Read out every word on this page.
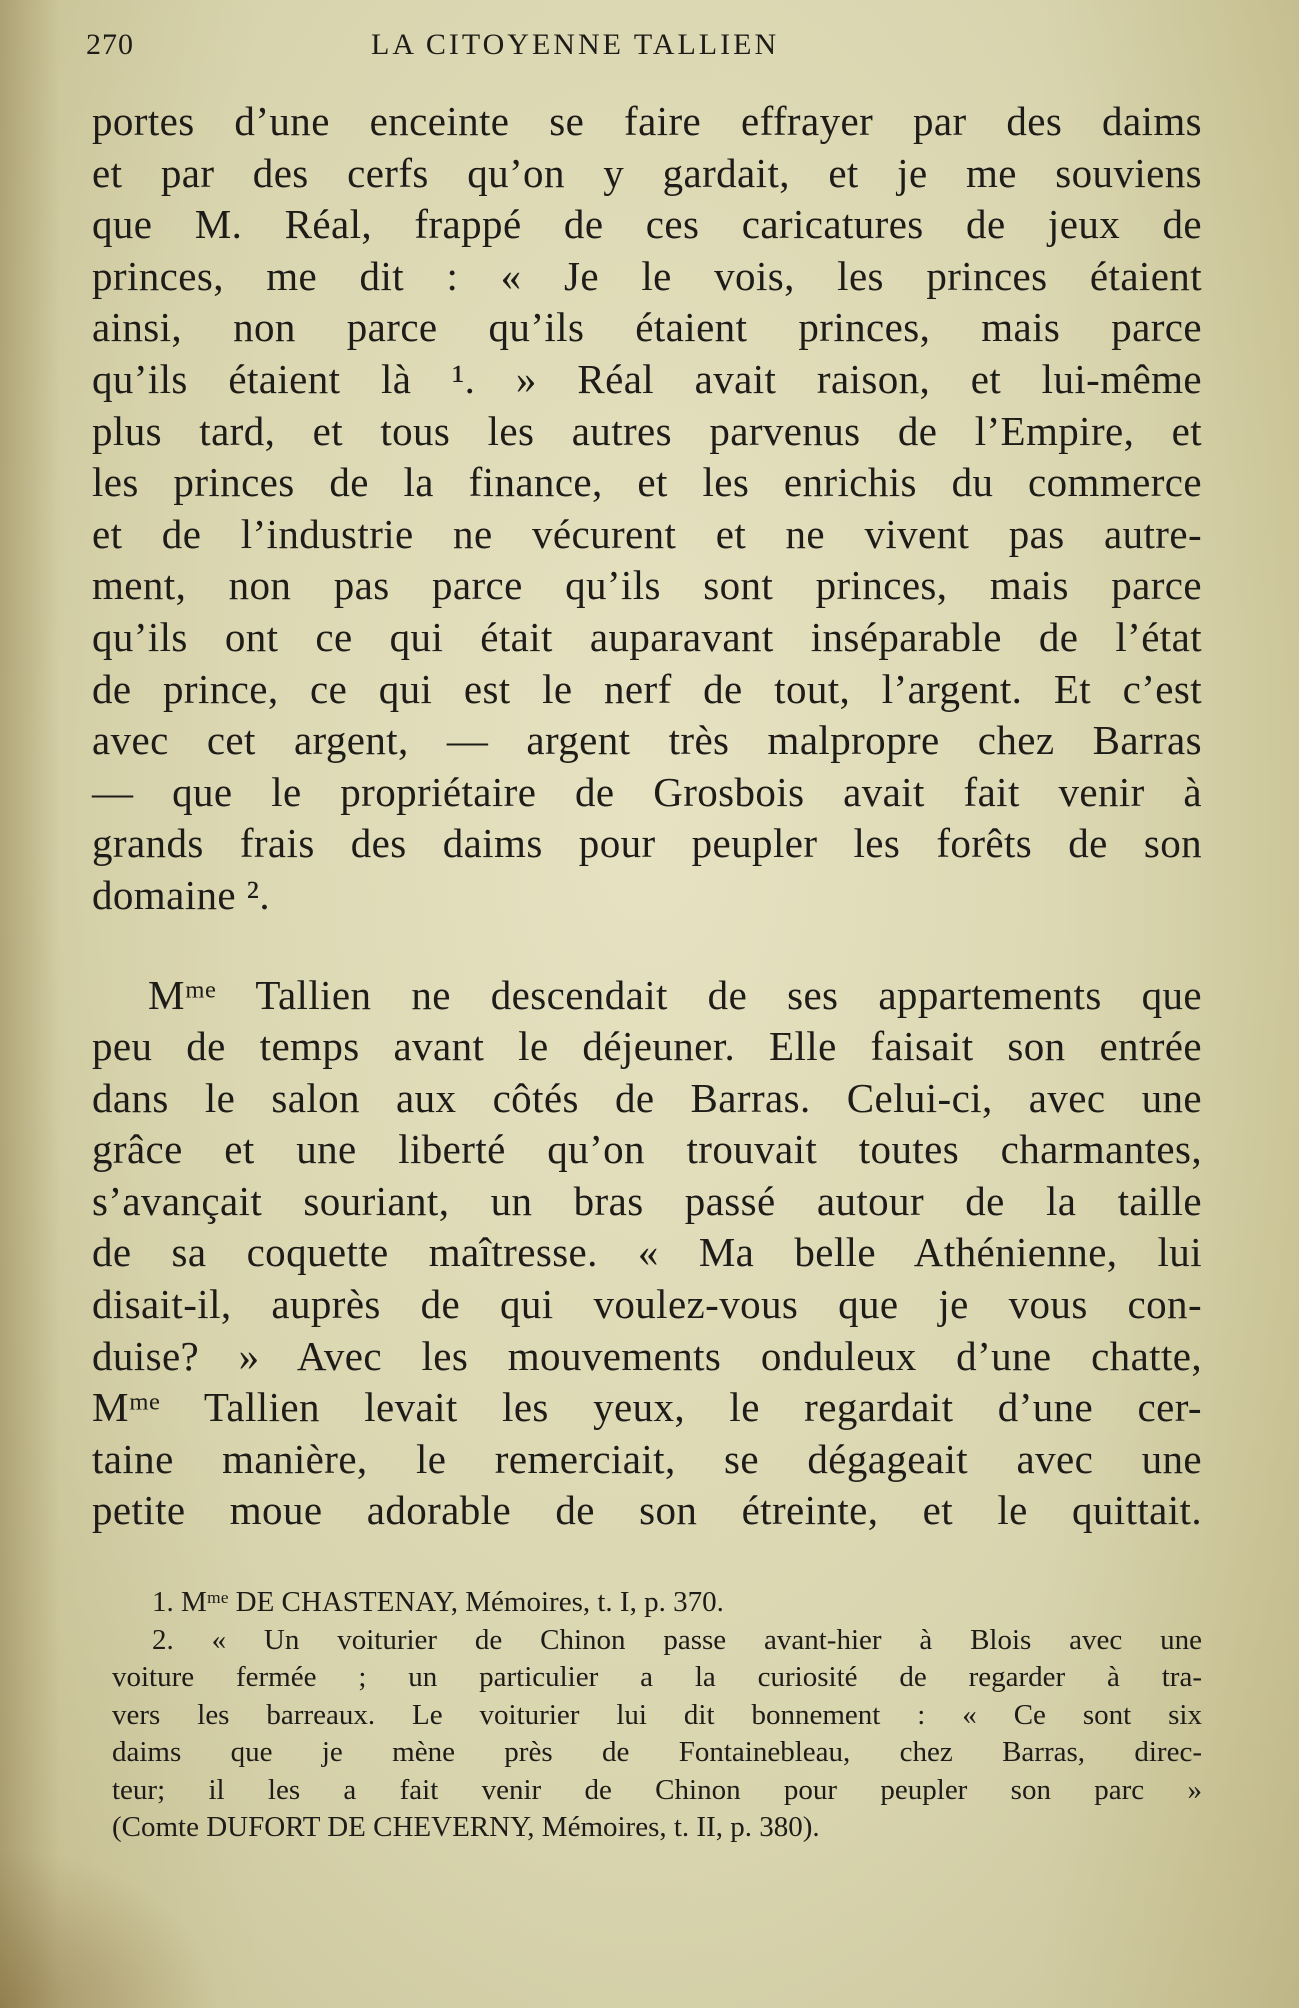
270	LA CITOYENNE TALLIEN
portes d’une enceinte se faire effrayer par des daims
et par des cerfs qu’on y gardait, et je me souviens
que M. Réal, frappé de ces caricatures de jeux de
princes, me dit : « Je le vois, les princes étaient
ainsi, non parce qu’ils étaient princes, mais parce
qu’ils étaient là ¹. » Réal avait raison, et lui-même
plus tard, et tous les autres parvenus de l’Empire, et
les princes de la finance, et les enrichis du commerce
et de l’industrie ne vécurent et ne vivent pas autre-
ment, non pas parce qu’ils sont princes, mais parce
qu’ils ont ce qui était auparavant inséparable de l’état
de prince, ce qui est le nerf de tout, l’argent. Et c’est
avec cet argent, — argent très malpropre chez Barras
— que le propriétaire de Grosbois avait fait venir à
grands frais des daims pour peupler les forêts de son
domaine ².
Mᵐᵉ Tallien ne descendait de ses appartements que
peu de temps avant le déjeuner. Elle faisait son entrée
dans le salon aux côtés de Barras. Celui-ci, avec une
grâce et une liberté qu’on trouvait toutes charmantes,
s’avançait souriant, un bras passé autour de la taille
de sa coquette maîtresse. « Ma belle Athénienne, lui
disait-il, auprès de qui voulez-vous que je vous con-
duise? » Avec les mouvements onduleux d’une chatte,
Mᵐᵉ Tallien levait les yeux, le regardait d’une cer-
taine manière, le remerciait, se dégageait avec une
petite moue adorable de son étreinte, et le quittait.
1. Mᵐᵉ DE CHASTENAY, Mémoires, t. I, p. 370.
2. « Un voiturier de Chinon passe avant-hier à Blois avec une
voiture fermée ; un particulier a la curiosité de regarder à tra-
vers les barreaux. Le voiturier lui dit bonnement : « Ce sont six
daims que je mène près de Fontainebleau, chez Barras, direc-
teur; il les a fait venir de Chinon pour peupler son parc »
(Comte DUFORT DE CHEVERNY, Mémoires, t. II, p. 380).
